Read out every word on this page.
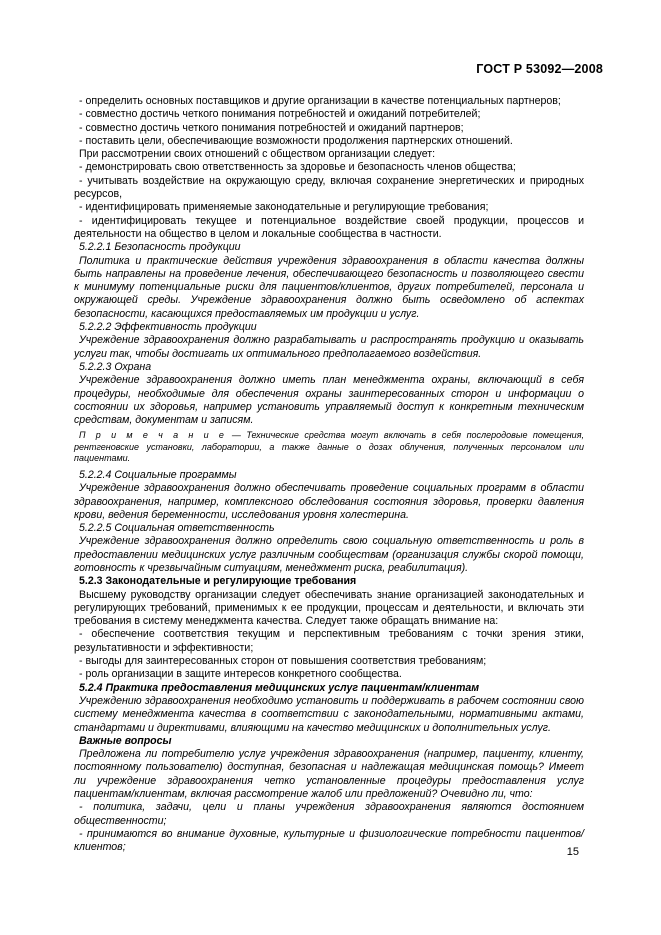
ГОСТ Р 53092—2008

- определить основных поставщиков и другие организации в качестве потенциальных партнеров;

- совместно достичь четкого понимания потребностей и ожиданий потребителей;

- совместно достичь четкого понимания потребностей и ожиданий партнеров;

- поставить цели, обеспечивающие возможности продолжения партнерских отношений.

При рассмотрении своих отношений с обществом организации следует:

- демонстрировать свою ответственность за здоровье и безопасность членов общества;

- учитывать воздействие на окружающую среду, включая сохранение энергетических и природных ресурсов,

- идентифицировать применяемые законодательные и регулирующие требования;

- идентифицировать текущее и потенциальное воздействие своей продукции, процессов и деятельности на общество в целом и локальные сообщества в частности.

5.2.2.1 Безопасность продукции

Политика и практические действия учреждения здравоохранения в области качества должны быть направлены на проведение лечения, обеспечивающего безопасность и позволяющего свести к минимуму потенциальные риски для пациентов/клиентов, других потребителей, персонала и окружающей среды. Учреждение здравоохранения должно быть осведомлено об аспектах безопасности, касающихся предоставляемых им продукции и услуг.

5.2.2.2 Эффективность продукции

Учреждение здравоохранения должно разрабатывать и распространять продукцию и оказывать услуги так, чтобы достигать их оптимального предполагаемого воздействия.

5.2.2.3 Охрана

Учреждение здравоохранения должно иметь план менеджмента охраны, включающий в себя процедуры, необходимые для обеспечения охраны заинтересованных сторон и информации о состоянии их здоровья, например установить управляемый доступ к конкретным техническим средствам, документам и записям.

П р и м е ч а н и е — Технические средства могут включать в себя послеродовые помещения, рентгеновские установки, лаборатории, а также данные о дозах облучения, полученных персоналом или пациентами.

5.2.2.4 Социальные программы

Учреждение здравоохранения должно обеспечивать проведение социальных программ в области здравоохранения, например, комплексного обследования состояния здоровья, проверки давления крови, ведения беременности, исследования уровня холестерина.

5.2.2.5 Социальная ответственность

Учреждение здравоохранения должно определить свою социальную ответственность и роль в предоставлении медицинских услуг различным сообществам (организация службы скорой помощи, готовность к чрезвычайным ситуациям, менеджмент риска, реабилитация).

5.2.3 Законодательные и регулирующие требования

Высшему руководству организации следует обеспечивать знание организацией законодательных и регулирующих требований, применимых к ее продукции, процессам и деятельности, и включать эти требования в систему менеджмента качества. Следует также обращать внимание на:

- обеспечение соответствия текущим и перспективным требованиям с точки зрения этики, результативности и эффективности;

- выгоды для заинтересованных сторон от повышения соответствия требованиям;

- роль организации в защите интересов конкретного сообщества.

5.2.4 Практика предоставления медицинских услуг пациентам/клиентам

Учреждению здравоохранения необходимо установить и поддерживать в рабочем состоянии свою систему менеджмента качества в соответствии с законодательными, нормативными актами, стандартами и директивами, влияющими на качество медицинских и дополнительных услуг.

Важные вопросы

Предложена ли потребителю услуг учреждения здравоохранения (например, пациенту, клиенту, постоянному пользователю) доступная, безопасная и надлежащая медицинская помощь? Имеет ли учреждение здравоохранения четко установленные процедуры предоставления услуг пациентам/клиентам, включая рассмотрение жалоб или предложений? Очевидно ли, что:

- политика, задачи, цели и планы учреждения здравоохранения являются достоянием общественности;

- принимаются во внимание духовные, культурные и физиологические потребности пациентов/клиентов;	15
